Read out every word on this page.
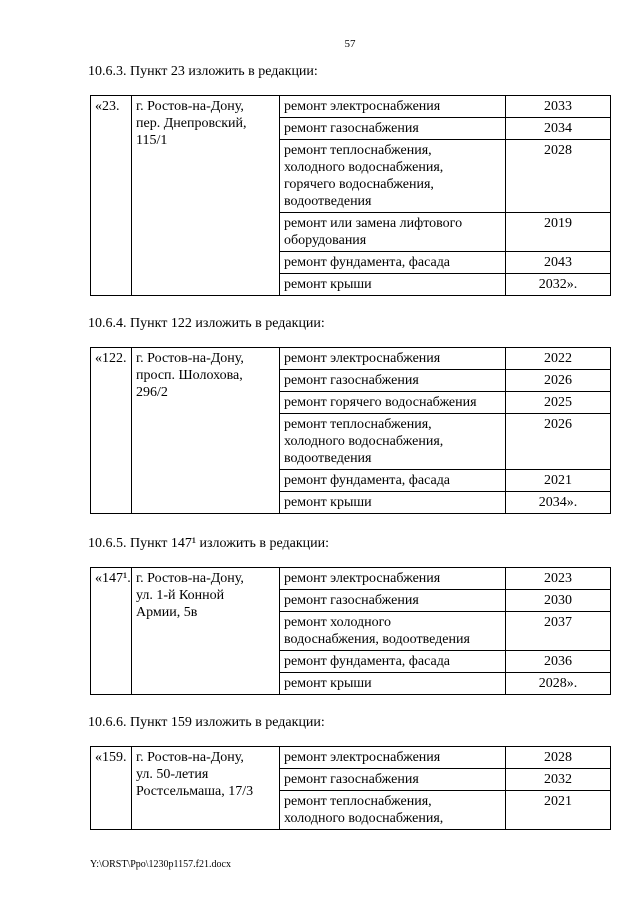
57
10.6.3. Пункт 23 изложить в редакции:
«23.	г. Ростов-на-Дону,
пер. Днепровский,
115/1	ремонт электроснабжения	2033
		ремонт газоснабжения	2034
		ремонт теплоснабжения,
холодного водоснабжения,
горячего водоснабжения,
водоотведения	2028
		ремонт или замена лифтового
оборудования	2019
		ремонт фундамента, фасада	2043
		ремонт крыши	2032».
10.6.4. Пункт 122 изложить в редакции:
«122.	г. Ростов-на-Дону,
просп. Шолохова,
296/2	ремонт электроснабжения	2022
		ремонт газоснабжения	2026
		ремонт горячего водоснабжения	2025
		ремонт теплоснабжения,
холодного водоснабжения,
водоотведения	2026
		ремонт фундамента, фасада	2021
		ремонт крыши	2034».
10.6.5. Пункт 147¹ изложить в редакции:
«147¹.	г. Ростов-на-Дону,
ул. 1-й Конной
Армии, 5в	ремонт электроснабжения	2023
		ремонт газоснабжения	2030
		ремонт холодного
водоснабжения, водоотведения	2037
		ремонт фундамента, фасада	2036
		ремонт крыши	2028».
10.6.6. Пункт 159 изложить в редакции:
«159.	г. Ростов-на-Дону,
ул. 50-летия
Ростсельмаша, 17/3	ремонт электроснабжения	2028
		ремонт газоснабжения	2032
		ремонт теплоснабжения,
холодного водоснабжения,	2021
Y:\ORST\Ppo\1230p1157.f21.docx
